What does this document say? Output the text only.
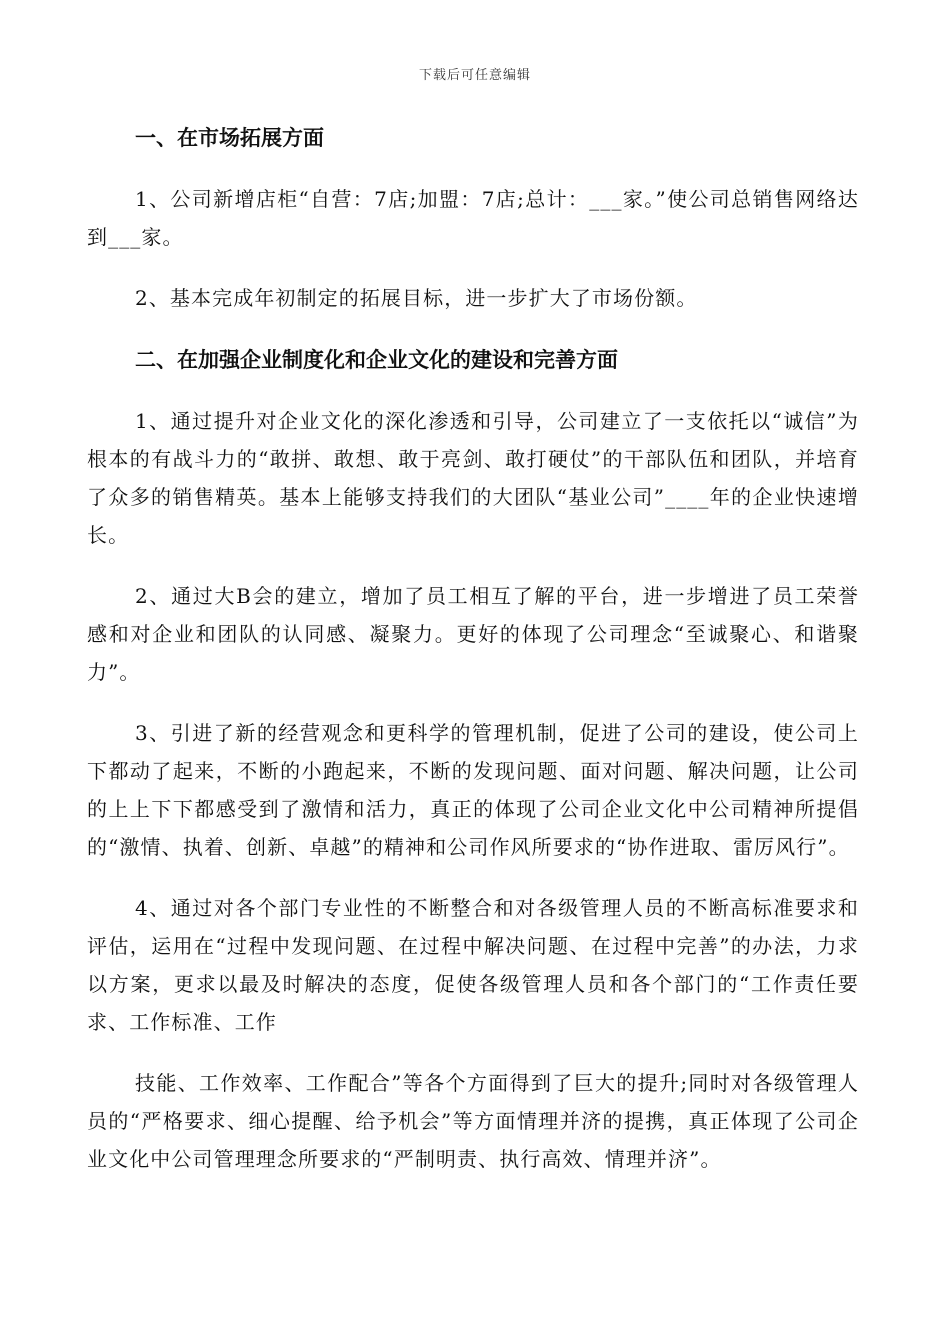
下载后可任意编辑
一、在市场拓展方面

1、公司新增店柜“自营：7店;加盟：7店;总计：___家。”使公司总销售网络达到___家。

2、基本完成年初制定的拓展目标，进一步扩大了市场份额。

二、在加强企业制度化和企业文化的建设和完善方面

1、通过提升对企业文化的深化渗透和引导，公司建立了一支依托以“诚信”为根本的有战斗力的“敢拼、敢想、敢于亮剑、敢打硬仗”的干部队伍和团队，并培育了众多的销售精英。基本上能够支持我们的大团队“基业公司”____年的企业快速增长。

2、通过大B会的建立，增加了员工相互了解的平台，进一步增进了员工荣誉感和对企业和团队的认同感、凝聚力。更好的体现了公司理念“至诚聚心、和谐聚力”。

3、引进了新的经营观念和更科学的管理机制，促进了公司的建设，使公司上下都动了起来，不断的小跑起来，不断的发现问题、面对问题、解决问题，让公司的上上下下都感受到了激情和活力，真正的体现了公司企业文化中公司精神所提倡的“激情、执着、创新、卓越”的精神和公司作风所要求的“协作进取、雷厉风行”。

4、通过对各个部门专业性的不断整合和对各级管理人员的不断高标准要求和评估，运用在“过程中发现问题、在过程中解决问题、在过程中完善”的办法，力求以方案，更求以最及时解决的态度，促使各级管理人员和各个部门的“工作责任要求、工作标准、工作

技能、工作效率、工作配合”等各个方面得到了巨大的提升;同时对各级管理人员的“严格要求、细心提醒、给予机会”等方面情理并济的提携，真正体现了公司企业文化中公司管理理念所要求的“严制明责、执行高效、情理并济”。
